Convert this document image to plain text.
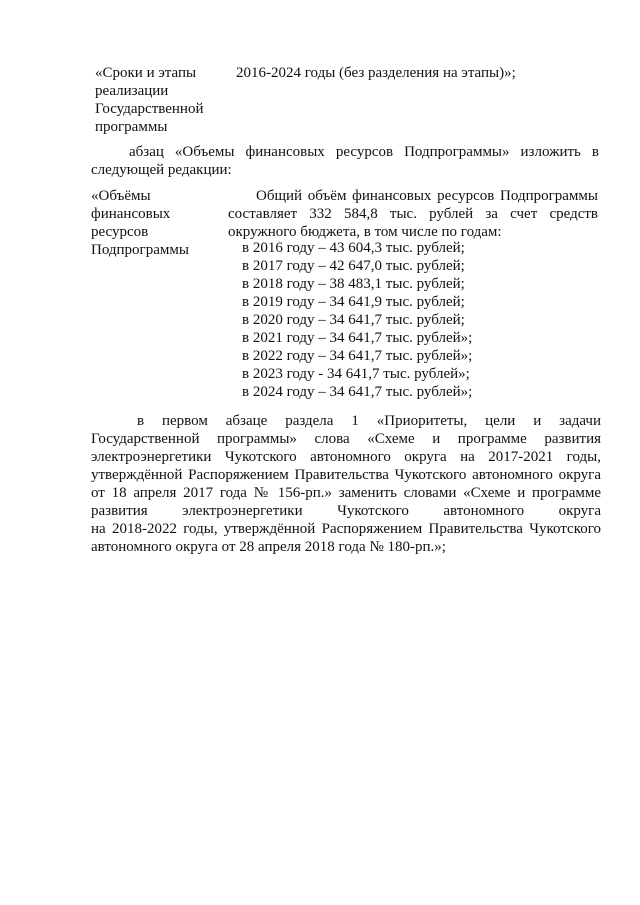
«Сроки и этапы
реализации
Государственной
программы
2016-2024 годы (без разделения на этапы)»;
абзац «Объемы финансовых ресурсов Подпрограммы» изложить в
следующей редакции:
«Объёмы
финансовых
ресурсов
Подпрограммы
Общий объём финансовых ресурсов Подпрограммы
составляет 332 584,8 тыс. рублей за счет средств
окружного бюджета, в том числе по годам:
в 2016 году – 43 604,3 тыс. рублей;
в 2017 году – 42 647,0 тыс. рублей;
в 2018 году – 38 483,1 тыс. рублей;
в 2019 году – 34 641,9 тыс. рублей;
в 2020 году – 34 641,7 тыс. рублей;
в 2021 году – 34 641,7 тыс. рублей»;
в 2022 году – 34 641,7 тыс. рублей»;
в 2023 году - 34 641,7 тыс. рублей»;
в 2024 году – 34 641,7 тыс. рублей»;
в первом абзаце раздела 1 «Приоритеты, цели и задачи
Государственной программы» слова «Схеме и программе развития
электроэнергетики Чукотского автономного округа на 2017-2021 годы,
утверждённой Распоряжением Правительства Чукотского автономного округа
от 18 апреля 2017 года № 156-рп.» заменить словами «Схеме и программе
развития электроэнергетики Чукотского автономного округа
на 2018-2022 годы, утверждённой Распоряжением Правительства Чукотского
автономного округа от 28 апреля 2018 года № 180-рп.»;
